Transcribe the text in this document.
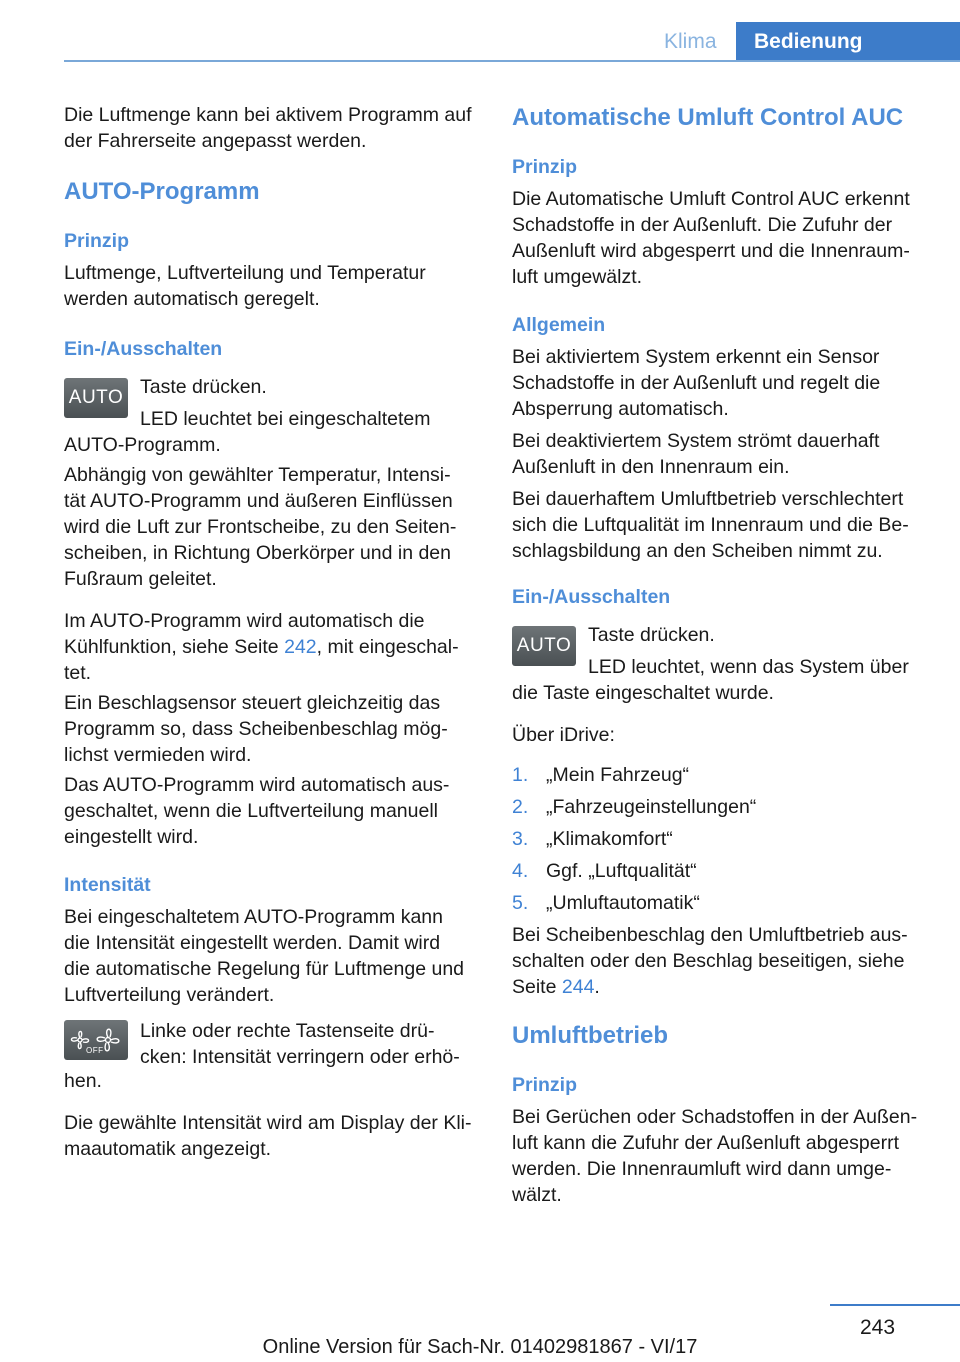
Klima Bedienung

Die Luftmenge kann bei aktivem Programm auf

der Fahrerseite angepasst werden.

AUTO-Programm
Prinzip

Luftmenge, Luftverteilung und Temperatur

werden automatisch geregelt.

Ein-/Ausschalten
AUTO Taste drücken.

LED leuchtet bei eingeschaltetem

AUTO-Programm.

Abhängig von gewählter Temperatur, Intensi-

tät AUTO-Programm und äußeren Einflüssen

wird die Luft zur Frontscheibe, zu den Seiten-

scheiben, in Richtung Oberkörper und in den

Fußraum geleitet.

Im AUTO-Programm wird automatisch die

Kühlfunktion, siehe Seite 242, mit eingeschal-

tet.

Ein Beschlagsensor steuert gleichzeitig das

Programm so, dass Scheibenbeschlag mög-

lichst vermieden wird.

Das AUTO-Programm wird automatisch aus-

geschaltet, wenn die Luftverteilung manuell

eingestellt wird.

Intensität

Bei eingeschaltetem AUTO-Programm kann

die Intensität eingestellt werden. Damit wird

die automatische Regelung für Luftmenge und

Luftverteilung verändert.

OFF

Linke oder rechte Tastenseite drü-

cken: Intensität verringern oder erhö-

hen.

Die gewählte Intensität wird am Display der Kli-

maautomatik angezeigt.

Automatische Umluft Control AUC
Prinzip

Die Automatische Umluft Control AUC erkennt

Schadstoffe in der Außenluft. Die Zufuhr der

Außenluft wird abgesperrt und die Innenraum-

luft umgewälzt.

Allgemein

Bei aktiviertem System erkennt ein Sensor

Schadstoffe in der Außenluft und regelt die

Absperrung automatisch.

Bei deaktiviertem System strömt dauerhaft

Außenluft in den Innenraum ein.

Bei dauerhaftem Umluftbetrieb verschlechtert

sich die Luftqualität im Innenraum und die Be-

schlagsbildung an den Scheiben nimmt zu.

Ein-/Ausschalten
AUTO Taste drücken.

LED leuchtet, wenn das System über

die Taste eingeschaltet wurde.

Über iDrive:

1. „Mein Fahrzeug“

2. „Fahrzeugeinstellungen“

3. „Klimakomfort“

4. Ggf. „Luftqualität“

5. „Umluftautomatik“

Bei Scheibenbeschlag den Umluftbetrieb aus-

schalten oder den Beschlag beseitigen, siehe

Seite 244.

Umluftbetrieb
Prinzip

Bei Gerüchen oder Schadstoffen in der Außen-

luft kann die Zufuhr der Außenluft abgesperrt

werden. Die Innenraumluft wird dann umge-

wälzt.

243
Online Version für Sach-Nr. 01402981867 - VI/17
